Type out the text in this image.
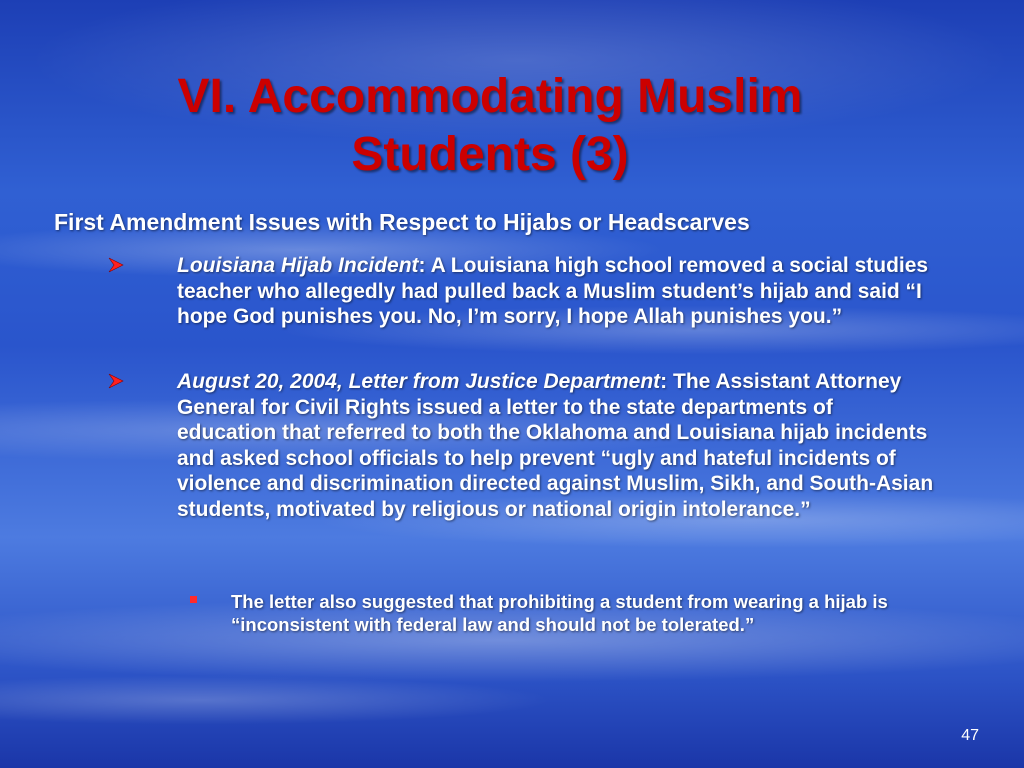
VI. Accommodating Muslim
Students (3)
First Amendment Issues with Respect to Hijabs or Headscarves
Louisiana Hijab Incident: A Louisiana high school removed a social studies teacher who allegedly had pulled back a Muslim student’s hijab and said “I hope God punishes you. No, I’m sorry, I hope Allah punishes you.”
August 20, 2004, Letter from Justice Department: The Assistant Attorney General for Civil Rights issued a letter to the state departments of education that referred to both the Oklahoma and Louisiana hijab incidents and asked school officials to help prevent “ugly and hateful incidents of violence and discrimination directed against Muslim, Sikh, and South-Asian students, motivated by religious or national origin intolerance.”
The letter also suggested that prohibiting a student from wearing a hijab is “inconsistent with federal law and should not be tolerated.”
47
